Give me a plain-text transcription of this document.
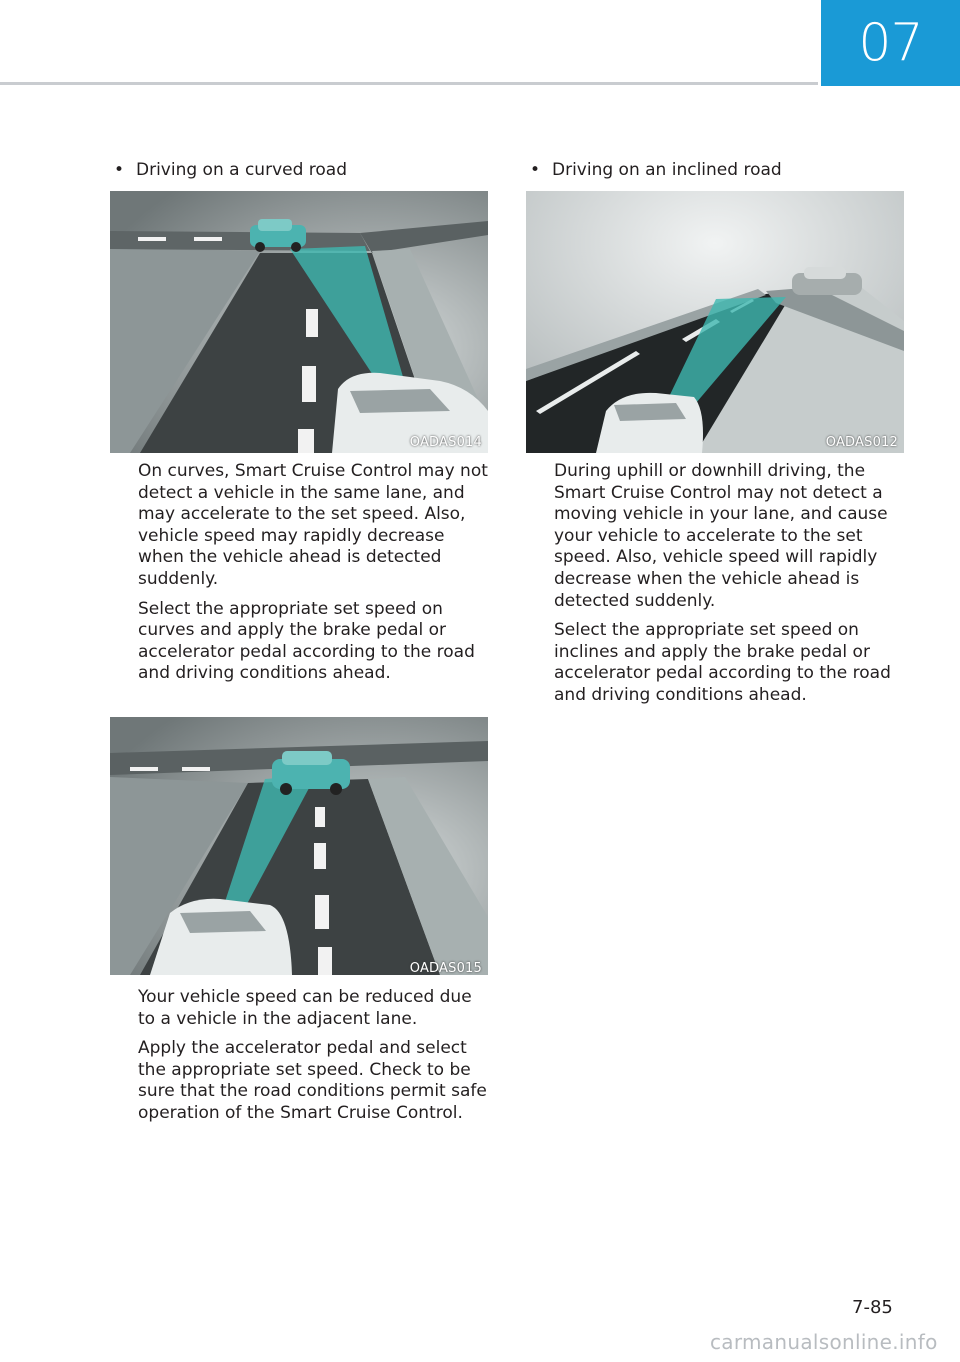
07
• Driving on a curved road
OADAS014

On curves, Smart Cruise Control may not detect a vehicle in the same lane, and may accelerate to the set speed. Also, vehicle speed may rapidly decrease when the vehicle ahead is detected suddenly.

Select the appropriate set speed on curves and apply the brake pedal or accelerator pedal according to the road and driving conditions ahead.

OADAS015

Your vehicle speed can be reduced due to a vehicle in the adjacent lane.

Apply the accelerator pedal and select the appropriate set speed. Check to be sure that the road conditions permit safe operation of the Smart Cruise Control.

• Driving on an inclined road
OADAS012

During uphill or downhill driving, the Smart Cruise Control may not detect a moving vehicle in your lane, and cause your vehicle to accelerate to the set speed. Also, vehicle speed will rapidly decrease when the vehicle ahead is detected suddenly.

Select the appropriate set speed on inclines and apply the brake pedal or accelerator pedal according to the road and driving conditions ahead.

7-85
carmanualsonline.info
